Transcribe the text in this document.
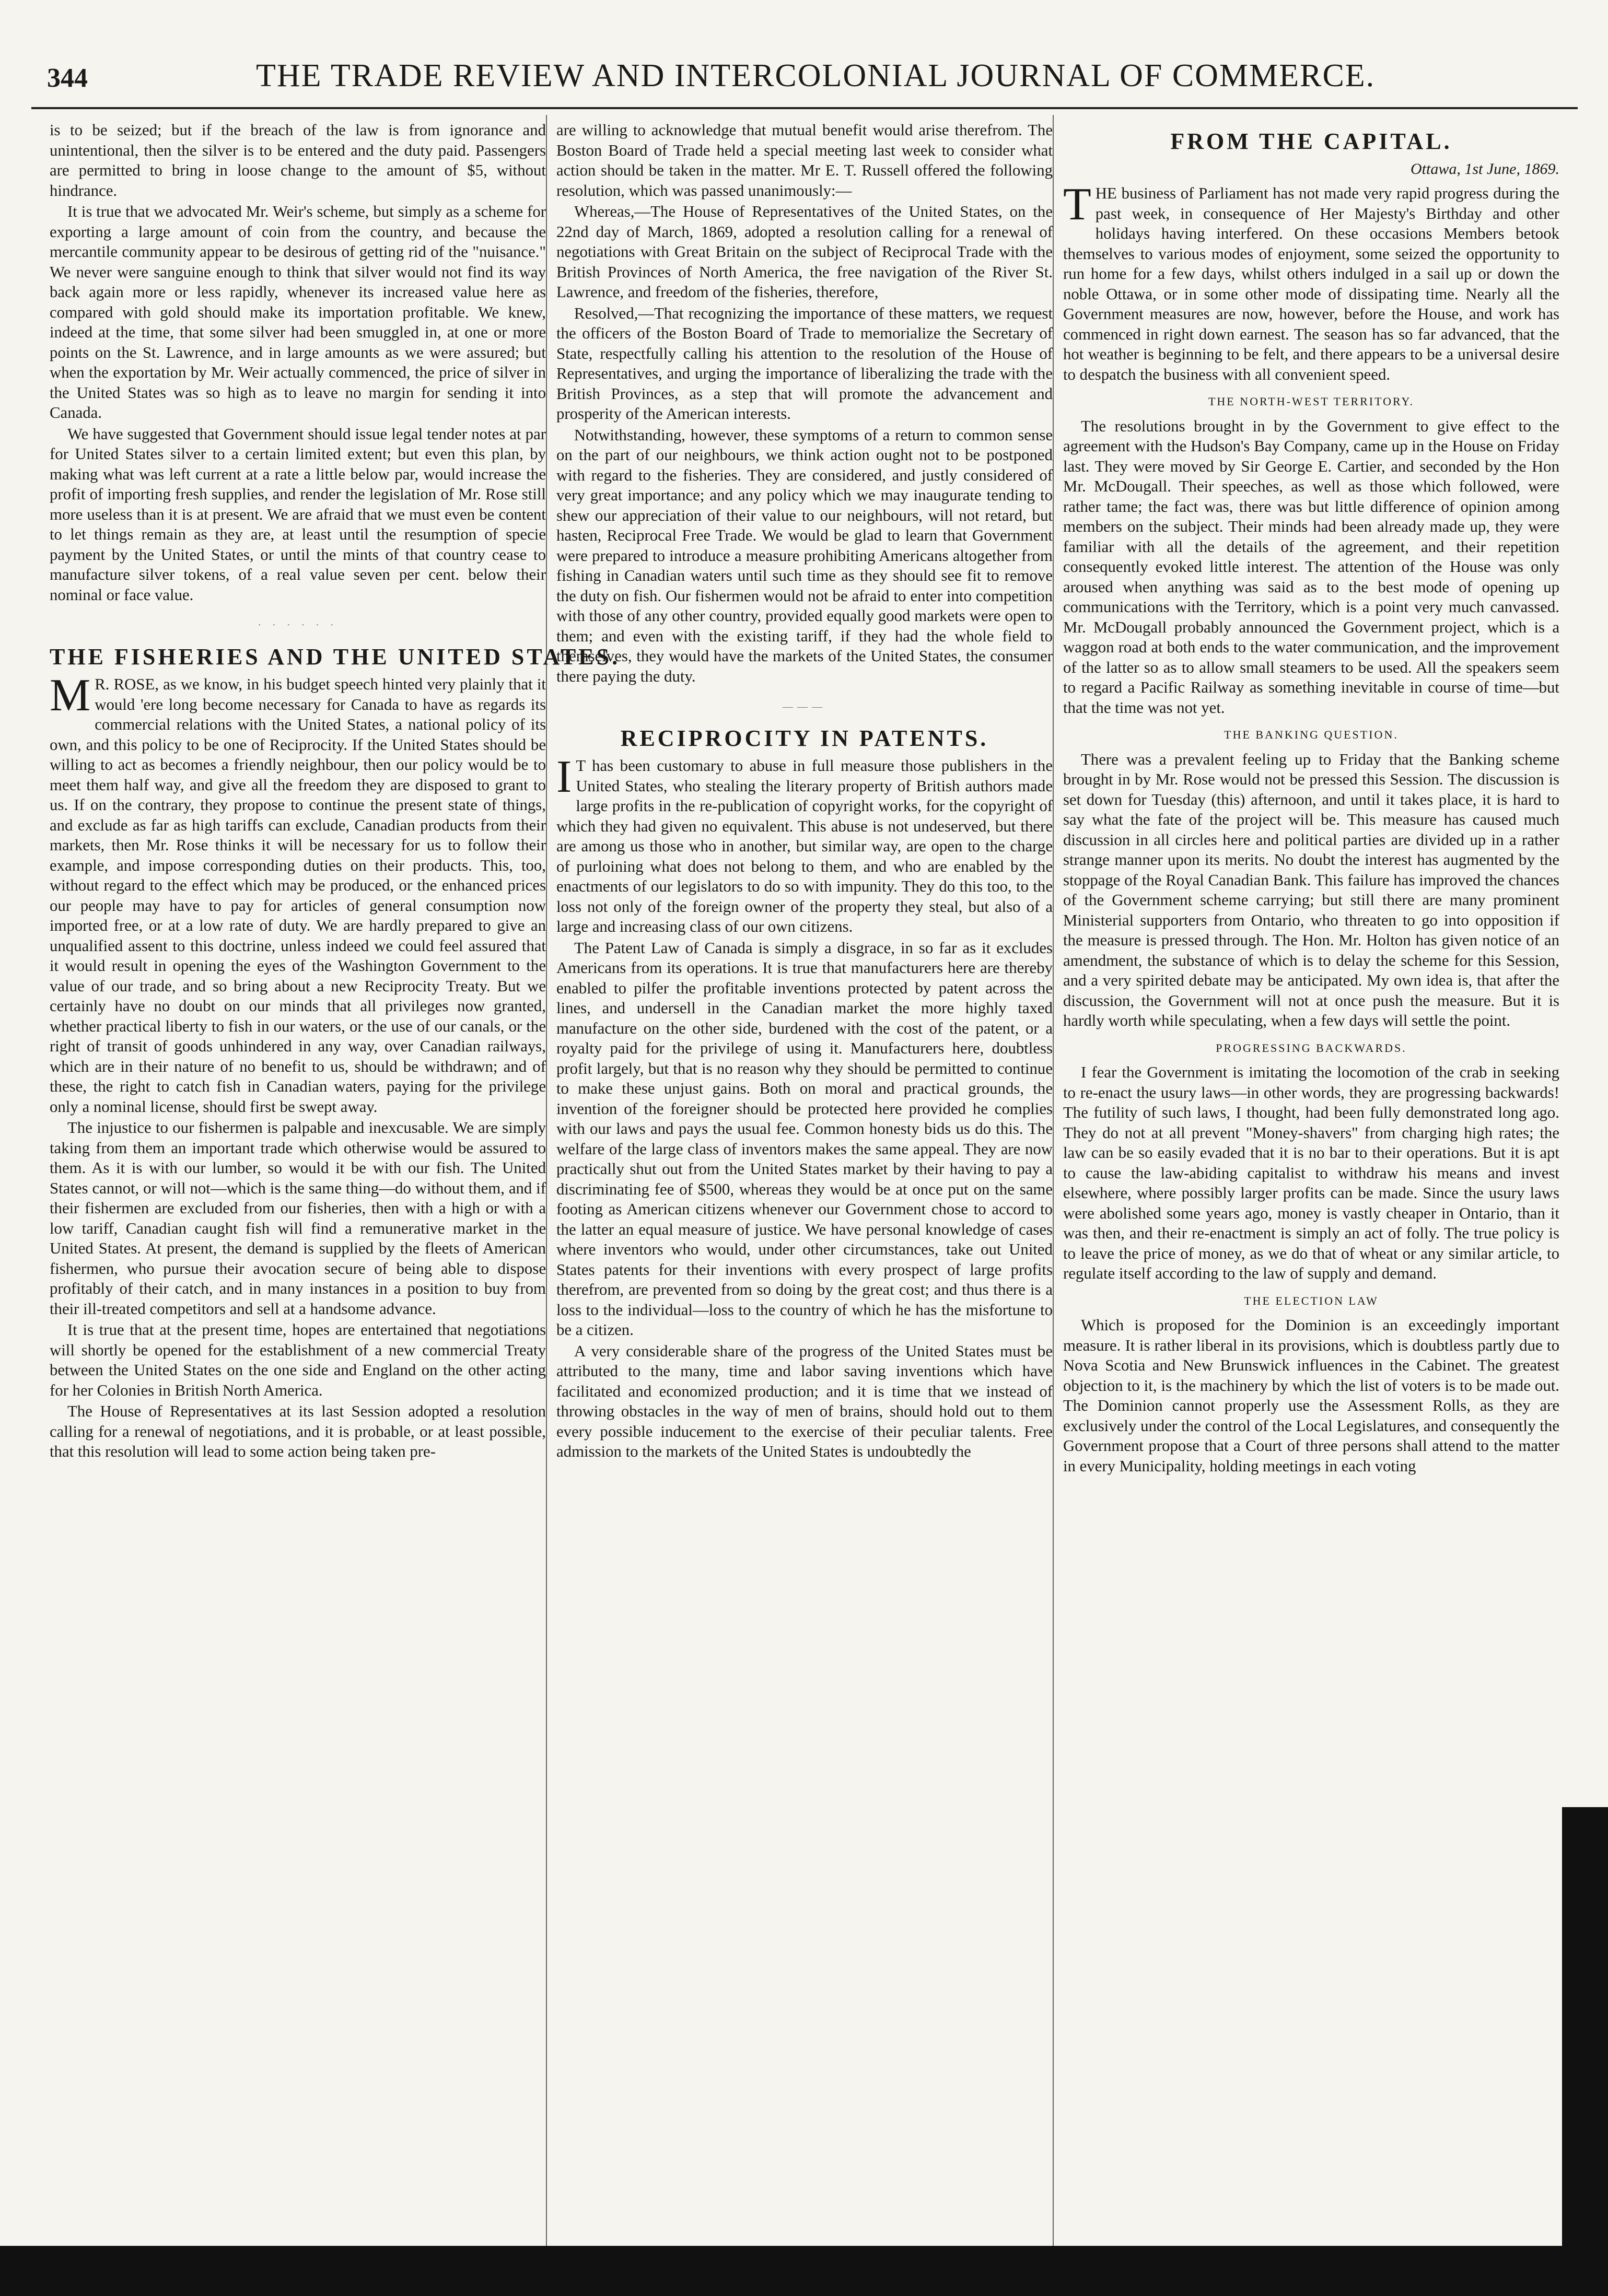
344	THE TRADE REVIEW AND INTERCOLONIAL JOURNAL OF COMMERCE.

is to be seized; but if the breach of the law is from ignorance and unintentional, then the silver is to be entered and the duty paid. Passengers are permitted to bring in loose change to the amount of $5, without hindrance.

It is true that we advocated Mr. Weir's scheme, but simply as a scheme for exporting a large amount of coin from the country, and because the mercantile community appear to be desirous of getting rid of the "nuisance." We never were sanguine enough to think that silver would not find its way back again more or less rapidly, whenever its increased value here as compared with gold should make its importation profitable. We knew, indeed at the time, that some silver had been smuggled in, at one or more points on the St. Lawrence, and in large amounts as we were assured; but when the exportation by Mr. Weir actually commenced, the price of silver in the United States was so high as to leave no margin for sending it into Canada.

We have suggested that Government should issue legal tender notes at par for United States silver to a certain limited extent; but even this plan, by making what was left current at a rate a little below par, would increase the profit of importing fresh supplies, and render the legislation of Mr. Rose still more useless than it is at present. We are afraid that we must even be content to let things remain as they are, at least until the resumption of specie payment by the United States, or until the mints of that country cease to manufacture silver tokens, of a real value seven per cent. below their nominal or face value.

· · · · · ·
THE FISHERIES AND THE UNITED STATES.

M R. ROSE, as we know, in his budget speech hinted very plainly that it would 'ere long become necessary for Canada to have as regards its commercial relations with the United States, a national policy of its own, and this policy to be one of Reciprocity. If the United States should be willing to act as becomes a friendly neighbour, then our policy would be to meet them half way, and give all the freedom they are disposed to grant to us. If on the contrary, they propose to continue the present state of things, and exclude as far as high tariffs can exclude, Canadian products from their markets, then Mr. Rose thinks it will be necessary for us to follow their example, and impose corresponding duties on their products. This, too, without regard to the effect which may be produced, or the enhanced prices our people may have to pay for articles of general consumption now imported free, or at a low rate of duty. We are hardly prepared to give an unqualified assent to this doctrine, unless indeed we could feel assured that it would result in opening the eyes of the Washington Government to the value of our trade, and so bring about a new Reciprocity Treaty. But we certainly have no doubt on our minds that all privileges now granted, whether practical liberty to fish in our waters, or the use of our canals, or the right of transit of goods unhindered in any way, over Canadian railways, which are in their nature of no benefit to us, should be withdrawn; and of these, the right to catch fish in Canadian waters, paying for the privilege only a nominal license, should first be swept away.

The injustice to our fishermen is palpable and inexcusable. We are simply taking from them an important trade which otherwise would be assured to them. As it is with our lumber, so would it be with our fish. The United States cannot, or will not—which is the same thing—do without them, and if their fishermen are excluded from our fisheries, then with a high or with a low tariff, Canadian caught fish will find a remunerative market in the United States. At present, the demand is supplied by the fleets of American fishermen, who pursue their avocation secure of being able to dispose profitably of their catch, and in many instances in a position to buy from their ill-treated competitors and sell at a handsome advance.

It is true that at the present time, hopes are entertained that negotiations will shortly be opened for the establishment of a new commercial Treaty between the United States on the one side and England on the other acting for her Colonies in British North America.

The House of Representatives at its last Session adopted a resolution calling for a renewal of negotiations, and it is probable, or at least possible, that this resolution will lead to some action being taken pre-

are willing to acknowledge that mutual benefit would arise therefrom. The Boston Board of Trade held a special meeting last week to consider what action should be taken in the matter. Mr E. T. Russell offered the following resolution, which was passed unanimously:—

Whereas,—The House of Representatives of the United States, on the 22nd day of March, 1869, adopted a resolution calling for a renewal of negotiations with Great Britain on the subject of Reciprocal Trade with the British Provinces of North America, the free navigation of the River St. Lawrence, and freedom of the fisheries, therefore,

Resolved,—That recognizing the importance of these matters, we request the officers of the Boston Board of Trade to memorialize the Secretary of State, respectfully calling his attention to the resolution of the House of Representatives, and urging the importance of liberalizing the trade with the British Provinces, as a step that will promote the advancement and prosperity of the American interests.

Notwithstanding, however, these symptoms of a return to common sense on the part of our neighbours, we think action ought not to be postponed with regard to the fisheries. They are considered, and justly considered of very great importance; and any policy which we may inaugurate tending to shew our appreciation of their value to our neighbours, will not retard, but hasten, Reciprocal Free Trade. We would be glad to learn that Government were prepared to introduce a measure prohibiting Americans altogether from fishing in Canadian waters until such time as they should see fit to remove the duty on fish. Our fishermen would not be afraid to enter into competition with those of any other country, provided equally good markets were open to them; and even with the existing tariff, if they had the whole field to themselves, they would have the markets of the United States, the consumer there paying the duty.

———
RECIPROCITY IN PATENTS.

I T has been customary to abuse in full measure those publishers in the United States, who stealing the literary property of British authors made large profits in the re-publication of copyright works, for the copyright of which they had given no equivalent. This abuse is not undeserved, but there are among us those who in another, but similar way, are open to the charge of purloining what does not belong to them, and who are enabled by the enactments of our legislators to do so with impunity. They do this too, to the loss not only of the foreign owner of the property they steal, but also of a large and increasing class of our own citizens.

The Patent Law of Canada is simply a disgrace, in so far as it excludes Americans from its operations. It is true that manufacturers here are thereby enabled to pilfer the profitable inventions protected by patent across the lines, and undersell in the Canadian market the more highly taxed manufacture on the other side, burdened with the cost of the patent, or a royalty paid for the privilege of using it. Manufacturers here, doubtless profit largely, but that is no reason why they should be permitted to continue to make these unjust gains. Both on moral and practical grounds, the invention of the foreigner should be protected here provided he complies with our laws and pays the usual fee. Common honesty bids us do this. The welfare of the large class of inventors makes the same appeal. They are now practically shut out from the United States market by their having to pay a discriminating fee of $500, whereas they would be at once put on the same footing as American citizens whenever our Government chose to accord to the latter an equal measure of justice. We have personal knowledge of cases where inventors who would, under other circumstances, take out United States patents for their inventions with every prospect of large profits therefrom, are prevented from so doing by the great cost; and thus there is a loss to the individual—loss to the country of which he has the misfortune to be a citizen.

A very considerable share of the progress of the United States must be attributed to the many, time and labor saving inventions which have facilitated and economized production; and it is time that we instead of throwing obstacles in the way of men of brains, should hold out to them every possible inducement to the exercise of their peculiar talents. Free admission to the markets of the United States is undoubtedly the

FROM THE CAPITAL.
Ottawa, 1st June, 1869.

THE business of Parliament has not made very rapid progress during the past week, in consequence of Her Majesty's Birthday and other holidays having interfered. On these occasions Members betook themselves to various modes of enjoyment, some seized the opportunity to run home for a few days, whilst others indulged in a sail up or down the noble Ottawa, or in some other mode of dissipating time. Nearly all the Government measures are now, however, before the House, and work has commenced in right down earnest. The season has so far advanced, that the hot weather is beginning to be felt, and there appears to be a universal desire to despatch the business with all convenient speed.

THE NORTH-WEST TERRITORY.

The resolutions brought in by the Government to give effect to the agreement with the Hudson's Bay Company, came up in the House on Friday last. They were moved by Sir George E. Cartier, and seconded by the Hon Mr. McDougall. Their speeches, as well as those which followed, were rather tame; the fact was, there was but little difference of opinion among members on the subject. Their minds had been already made up, they were familiar with all the details of the agreement, and their repetition consequently evoked little interest. The attention of the House was only aroused when anything was said as to the best mode of opening up communications with the Territory, which is a point very much canvassed. Mr. McDougall probably announced the Government project, which is a waggon road at both ends to the water communication, and the improvement of the latter so as to allow small steamers to be used. All the speakers seem to regard a Pacific Railway as something inevitable in course of time—but that the time was not yet.

THE BANKING QUESTION.

There was a prevalent feeling up to Friday that the Banking scheme brought in by Mr. Rose would not be pressed this Session. The discussion is set down for Tuesday (this) afternoon, and until it takes place, it is hard to say what the fate of the project will be. This measure has caused much discussion in all circles here and political parties are divided up in a rather strange manner upon its merits. No doubt the interest has augmented by the stoppage of the Royal Canadian Bank. This failure has improved the chances of the Government scheme carrying; but still there are many prominent Ministerial supporters from Ontario, who threaten to go into opposition if the measure is pressed through. The Hon. Mr. Holton has given notice of an amendment, the substance of which is to delay the scheme for this Session, and a very spirited debate may be anticipated. My own idea is, that after the discussion, the Government will not at once push the measure. But it is hardly worth while speculating, when a few days will settle the point.

PROGRESSING BACKWARDS.

I fear the Government is imitating the locomotion of the crab in seeking to re-enact the usury laws—in other words, they are progressing backwards! The futility of such laws, I thought, had been fully demonstrated long ago. They do not at all prevent "Money-shavers" from charging high rates; the law can be so easily evaded that it is no bar to their operations. But it is apt to cause the law-abiding capitalist to withdraw his means and invest elsewhere, where possibly larger profits can be made. Since the usury laws were abolished some years ago, money is vastly cheaper in Ontario, than it was then, and their re-enactment is simply an act of folly. The true policy is to leave the price of money, as we do that of wheat or any similar article, to regulate itself according to the law of supply and demand.

THE ELECTION LAW

Which is proposed for the Dominion is an exceedingly important measure. It is rather liberal in its provisions, which is doubtless partly due to Nova Scotia and New Brunswick influences in the Cabinet. The greatest objection to it, is the machinery by which the list of voters is to be made out. The Dominion cannot properly use the Assessment Rolls, as they are exclusively under the control of the Local Legislatures, and consequently the Government propose that a Court of three persons shall attend to the matter in every Municipality, holding meetings in each voting
